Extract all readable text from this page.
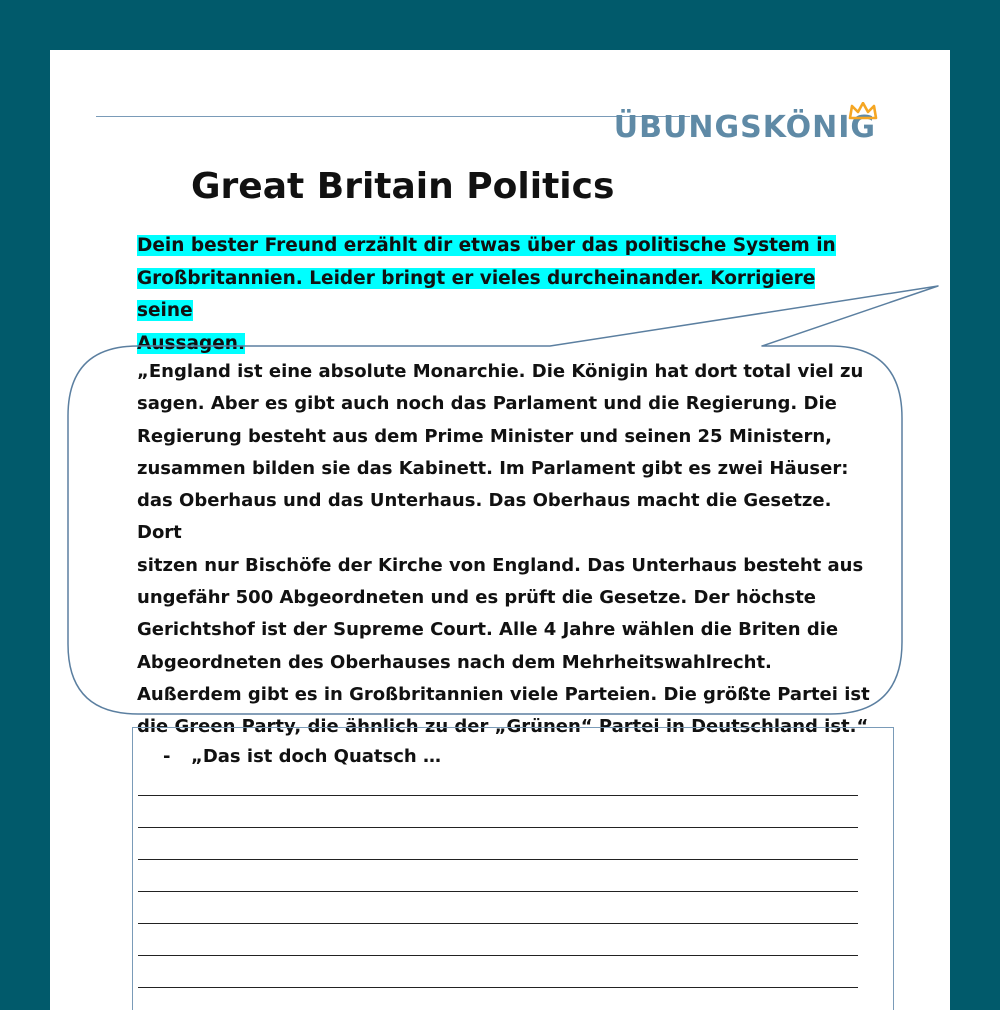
ÜBUNGSKÖNIG
Great Britain Politics
Dein bester Freund erzählt dir etwas über das politische System in
Großbritannien. Leider bringt er vieles durcheinander. Korrigiere seine
Aussagen.
„England ist eine absolute Monarchie. Die Königin hat dort total viel zu
sagen. Aber es gibt auch noch das Parlament und die Regierung. Die
Regierung besteht aus dem Prime Minister und seinen 25 Ministern,
zusammen bilden sie das Kabinett. Im Parlament gibt es zwei Häuser:
das Oberhaus und das Unterhaus. Das Oberhaus macht die Gesetze. Dort
sitzen nur Bischöfe der Kirche von England. Das Unterhaus besteht aus
ungefähr 500 Abgeordneten und es prüft die Gesetze. Der höchste
Gerichtshof ist der Supreme Court. Alle 4 Jahre wählen die Briten die
Abgeordneten des Oberhauses nach dem Mehrheitswahlrecht.
Außerdem gibt es in Großbritannien viele Parteien. Die größte Partei ist
die Green Party, die ähnlich zu der „Grünen“ Partei in Deutschland ist.“
- „Das ist doch Quatsch …
